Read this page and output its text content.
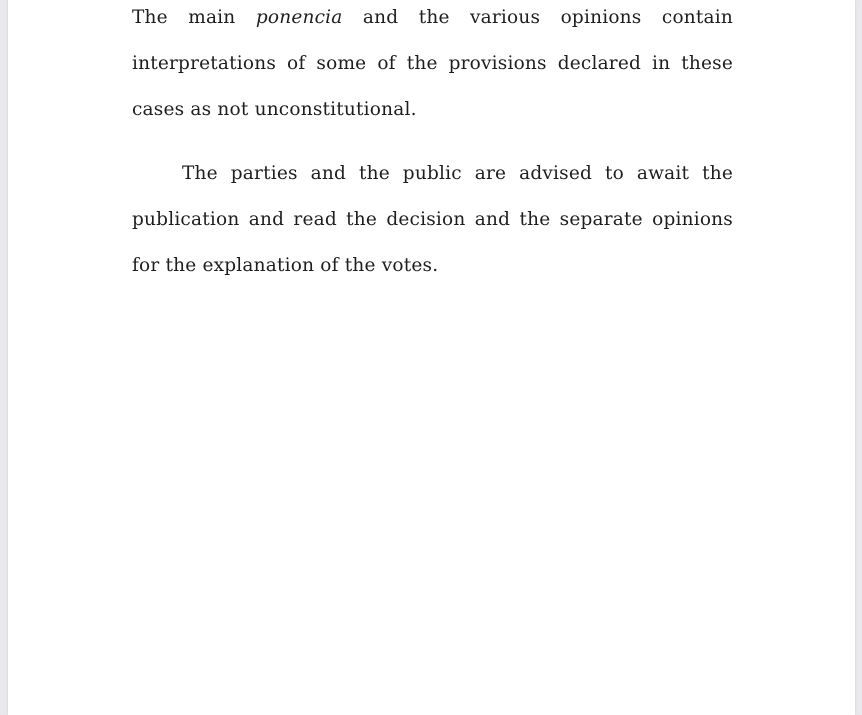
The main ponencia and the various opinions contain
interpretations of some of the provisions declared in these
cases as not unconstitutional.
The parties and the public are advised to await the
publication and read the decision and the separate opinions
for the explanation of the votes.
